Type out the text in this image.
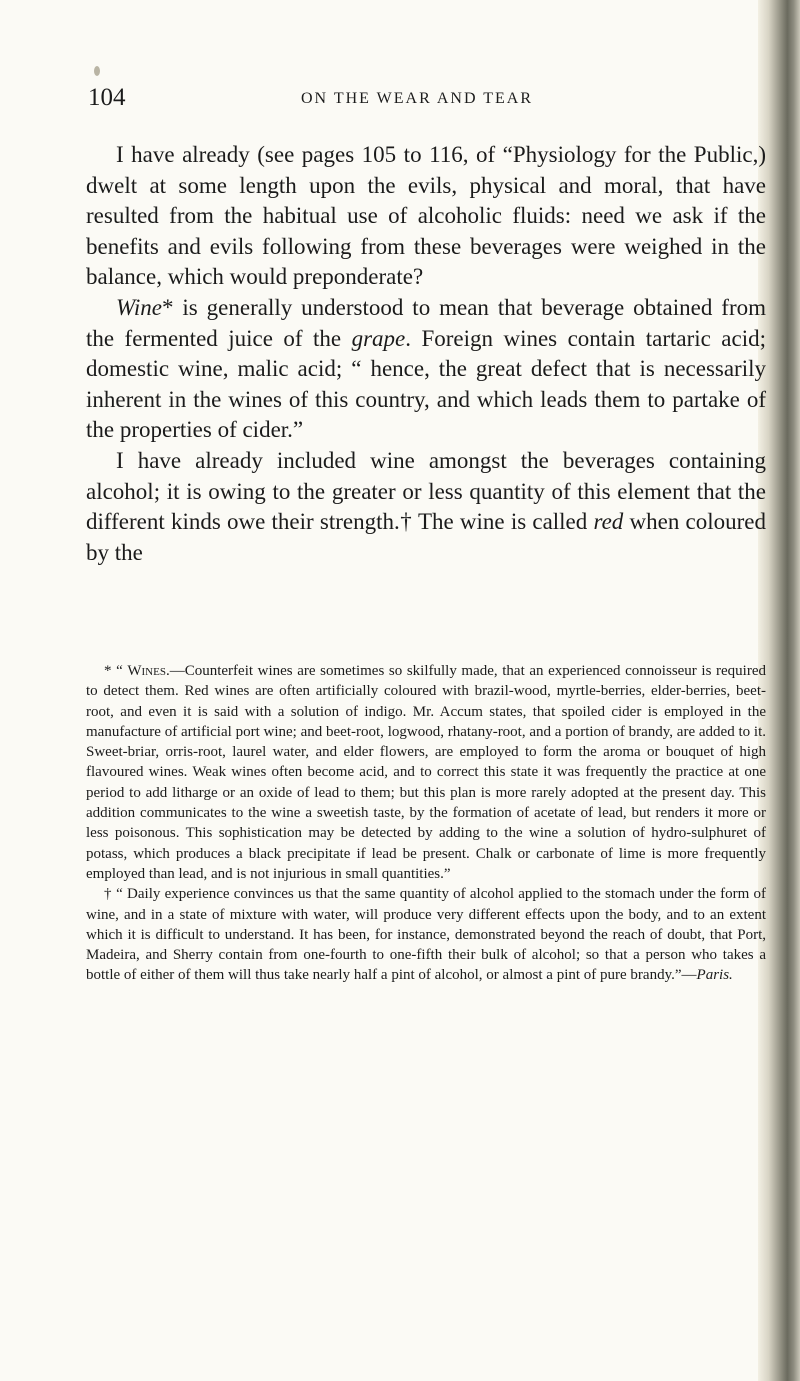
104	ON THE WEAR AND TEAR

I have already (see pages 105 to 116, of “Physiology for the Public,) dwelt at some length upon the evils, physical and moral, that have resulted from the habitual use of alcoholic fluids: need we ask if the benefits and evils following from these beverages were weighed in the balance, which would preponderate?

Wine* is generally understood to mean that beverage obtained from the fermented juice of the grape. Foreign wines contain tartaric acid; domestic wine, malic acid; “ hence, the great defect that is necessarily inherent in the wines of this country, and which leads them to partake of the properties of cider.”

I have already included wine amongst the beverages containing alcohol; it is owing to the greater or less quantity of this element that the different kinds owe their strength.† The wine is called red when coloured by the

* “ Wines.—Counterfeit wines are sometimes so skilfully made, that an experienced connoisseur is required to detect them. Red wines are often artificially coloured with brazil-wood, myrtle-berries, elder-berries, beet-root, and even it is said with a solution of indigo. Mr. Accum states, that spoiled cider is employed in the manufacture of artificial port wine; and beet-root, logwood, rhatany-root, and a portion of brandy, are added to it. Sweet-briar, orris-root, laurel water, and elder flowers, are employed to form the aroma or bouquet of high flavoured wines. Weak wines often become acid, and to correct this state it was frequently the practice at one period to add litharge or an oxide of lead to them; but this plan is more rarely adopted at the present day. This addition communicates to the wine a sweetish taste, by the formation of acetate of lead, but renders it more or less poisonous. This sophistication may be detected by adding to the wine a solution of hydro-sulphuret of potass, which produces a black precipitate if lead be present. Chalk or carbonate of lime is more frequently employed than lead, and is not injurious in small quantities.”

† “ Daily experience convinces us that the same quantity of alcohol applied to the stomach under the form of wine, and in a state of mixture with water, will produce very different effects upon the body, and to an extent which it is difficult to understand. It has been, for instance, demonstrated beyond the reach of doubt, that Port, Madeira, and Sherry contain from one-fourth to one-fifth their bulk of alcohol; so that a person who takes a bottle of either of them will thus take nearly half a pint of alcohol, or almost a pint of pure brandy.”—Paris.
